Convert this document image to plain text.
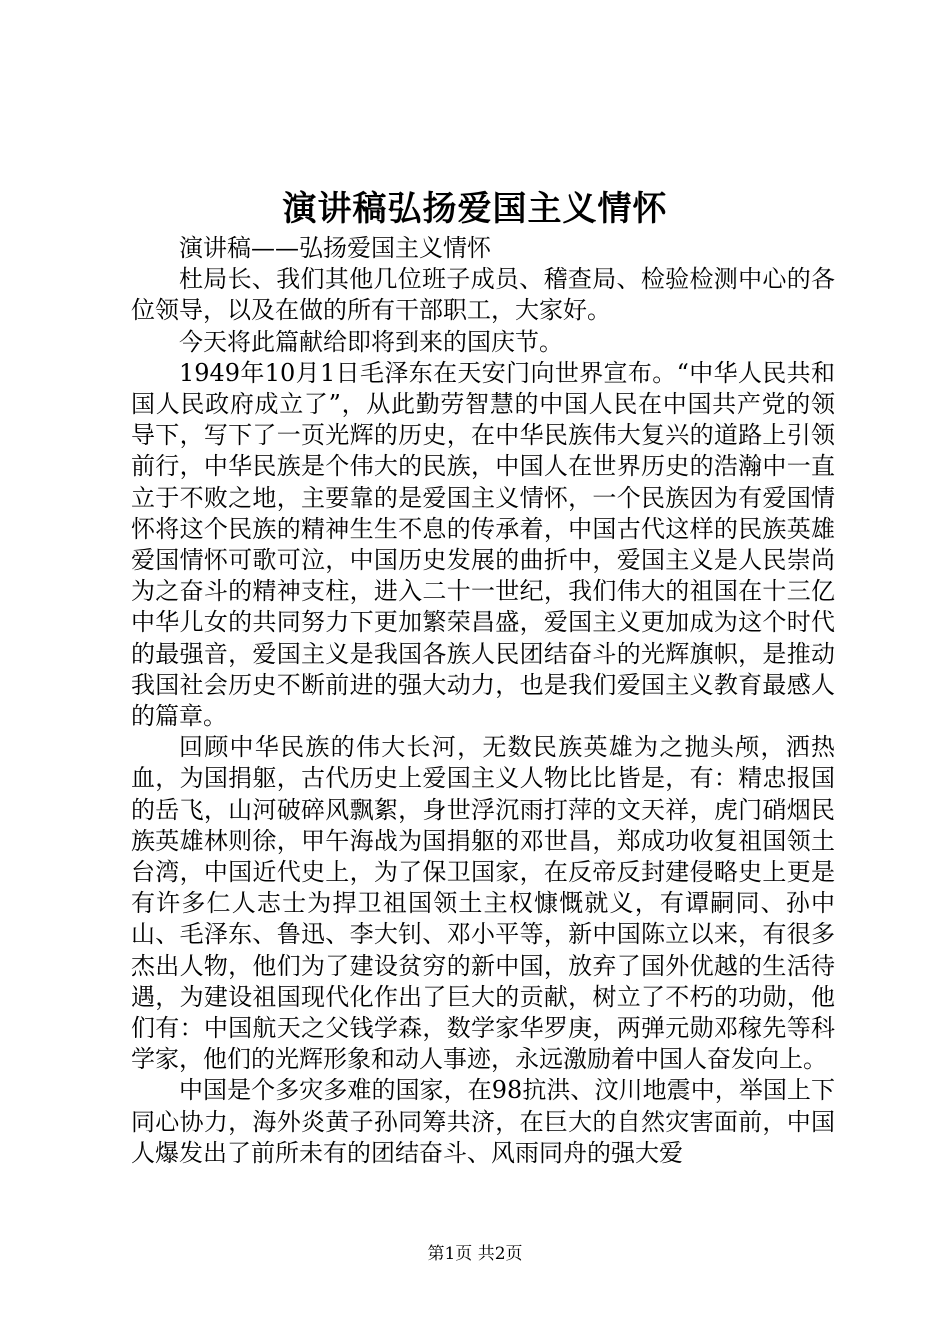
演讲稿弘扬爱国主义情怀

演讲稿——弘扬爱国主义情怀

杜局长、我们其他几位班子成员、稽查局、检验检测中心的各位领导，以及在做的所有干部职工，大家好。

今天将此篇献给即将到来的国庆节。

1949年10月1日毛泽东在天安门向世界宣布。“中华人民共和国人民政府成立了”，从此勤劳智慧的中国人民在中国共产党的领导下，写下了一页光辉的历史，在中华民族伟大复兴的道路上引领前行，中华民族是个伟大的民族，中国人在世界历史的浩瀚中一直立于不败之地，主要靠的是爱国主义情怀，一个民族因为有爱国情怀将这个民族的精神生生不息的传承着，中国古代这样的民族英雄爱国情怀可歌可泣，中国历史发展的曲折中，爱国主义是人民崇尚为之奋斗的精神支柱，进入二十一世纪，我们伟大的祖国在十三亿中华儿女的共同努力下更加繁荣昌盛，爱国主义更加成为这个时代的最强音，爱国主义是我国各族人民团结奋斗的光辉旗帜，是推动我国社会历史不断前进的强大动力，也是我们爱国主义教育最感人的篇章。

回顾中华民族的伟大长河，无数民族英雄为之抛头颅，洒热血，为国捐躯，古代历史上爱国主义人物比比皆是，有：精忠报国的岳飞，山河破碎风飘絮，身世浮沉雨打萍的文天祥，虎门硝烟民族英雄林则徐，甲午海战为国捐躯的邓世昌，郑成功收复祖国领土台湾，中国近代史上，为了保卫国家，在反帝反封建侵略史上更是有许多仁人志士为捍卫祖国领土主权慷慨就义，有谭嗣同、孙中山、毛泽东、鲁迅、李大钊、邓小平等，新中国陈立以来，有很多杰出人物，他们为了建设贫穷的新中国，放弃了国外优越的生活待遇，为建设祖国现代化作出了巨大的贡献，树立了不朽的功勋，他们有：中国航天之父钱学森，数学家华罗庚，两弹元勋邓稼先等科学家，他们的光辉形象和动人事迹，永远激励着中国人奋发向上。

中国是个多灾多难的国家，在98抗洪、汶川地震中，举国上下同心协力，海外炎黄子孙同筹共济，在巨大的自然灾害面前，中国人爆发出了前所未有的团结奋斗、风雨同舟的强大爱

第1页 共2页
